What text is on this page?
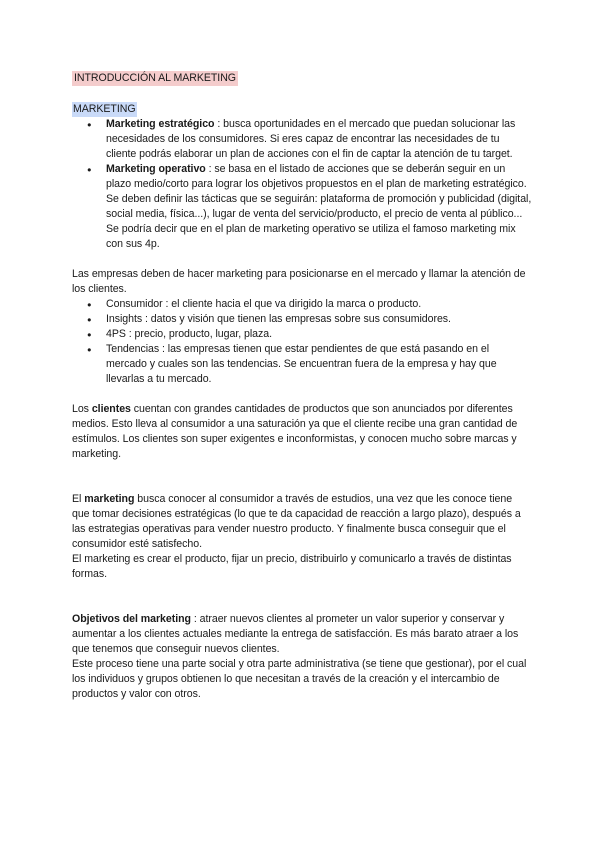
INTRODUCCIÓN AL MARKETING
MARKETING
● Marketing estratégico : busca oportunidades en el mercado que puedan solucionar las necesidades de los consumidores. Si eres capaz de encontrar las necesidades de tu cliente podrás elaborar un plan de acciones con el fin de captar la atención de tu target.
● Marketing operativo : se basa en el listado de acciones que se deberán seguir en un plazo medio/corto para lograr los objetivos propuestos en el plan de marketing estratégico. Se deben definir las tácticas que se seguirán: plataforma de promoción y publicidad (digital, social media, física...), lugar de venta del servicio/producto, el precio de venta al público... Se podría decir que en el plan de marketing operativo se utiliza el famoso marketing mix con sus 4p.

Las empresas deben de hacer marketing para posicionarse en el mercado y llamar la atención de los clientes.

● Consumidor : el cliente hacia el que va dirigido la marca o producto.
● Insights : datos y visión que tienen las empresas sobre sus consumidores.
● 4PS : precio, producto, lugar, plaza.
● Tendencias : las empresas tienen que estar pendientes de que está pasando en el mercado y cuales son las tendencias. Se encuentran fuera de la empresa y hay que llevarlas a tu mercado.

Los clientes cuentan con grandes cantidades de productos que son anunciados por diferentes medios. Esto lleva al consumidor a una saturación ya que el cliente recibe una gran cantidad de estímulos. Los clientes son super exigentes e inconformistas, y conocen mucho sobre marcas y marketing.

El marketing busca conocer al consumidor a través de estudios, una vez que les conoce tiene que tomar decisiones estratégicas (lo que te da capacidad de reacción a largo plazo), después a las estrategias operativas para vender nuestro producto. Y finalmente busca conseguir que el consumidor esté satisfecho.

El marketing es crear el producto, fijar un precio, distribuirlo y comunicarlo a través de distintas formas.

Objetivos del marketing : atraer nuevos clientes al prometer un valor superior y conservar y aumentar a los clientes actuales mediante la entrega de satisfacción. Es más barato atraer a los que tenemos que conseguir nuevos clientes.

Este proceso tiene una parte social y otra parte administrativa (se tiene que gestionar), por el cual los individuos y grupos obtienen lo que necesitan a través de la creación y el intercambio de productos y valor con otros.
